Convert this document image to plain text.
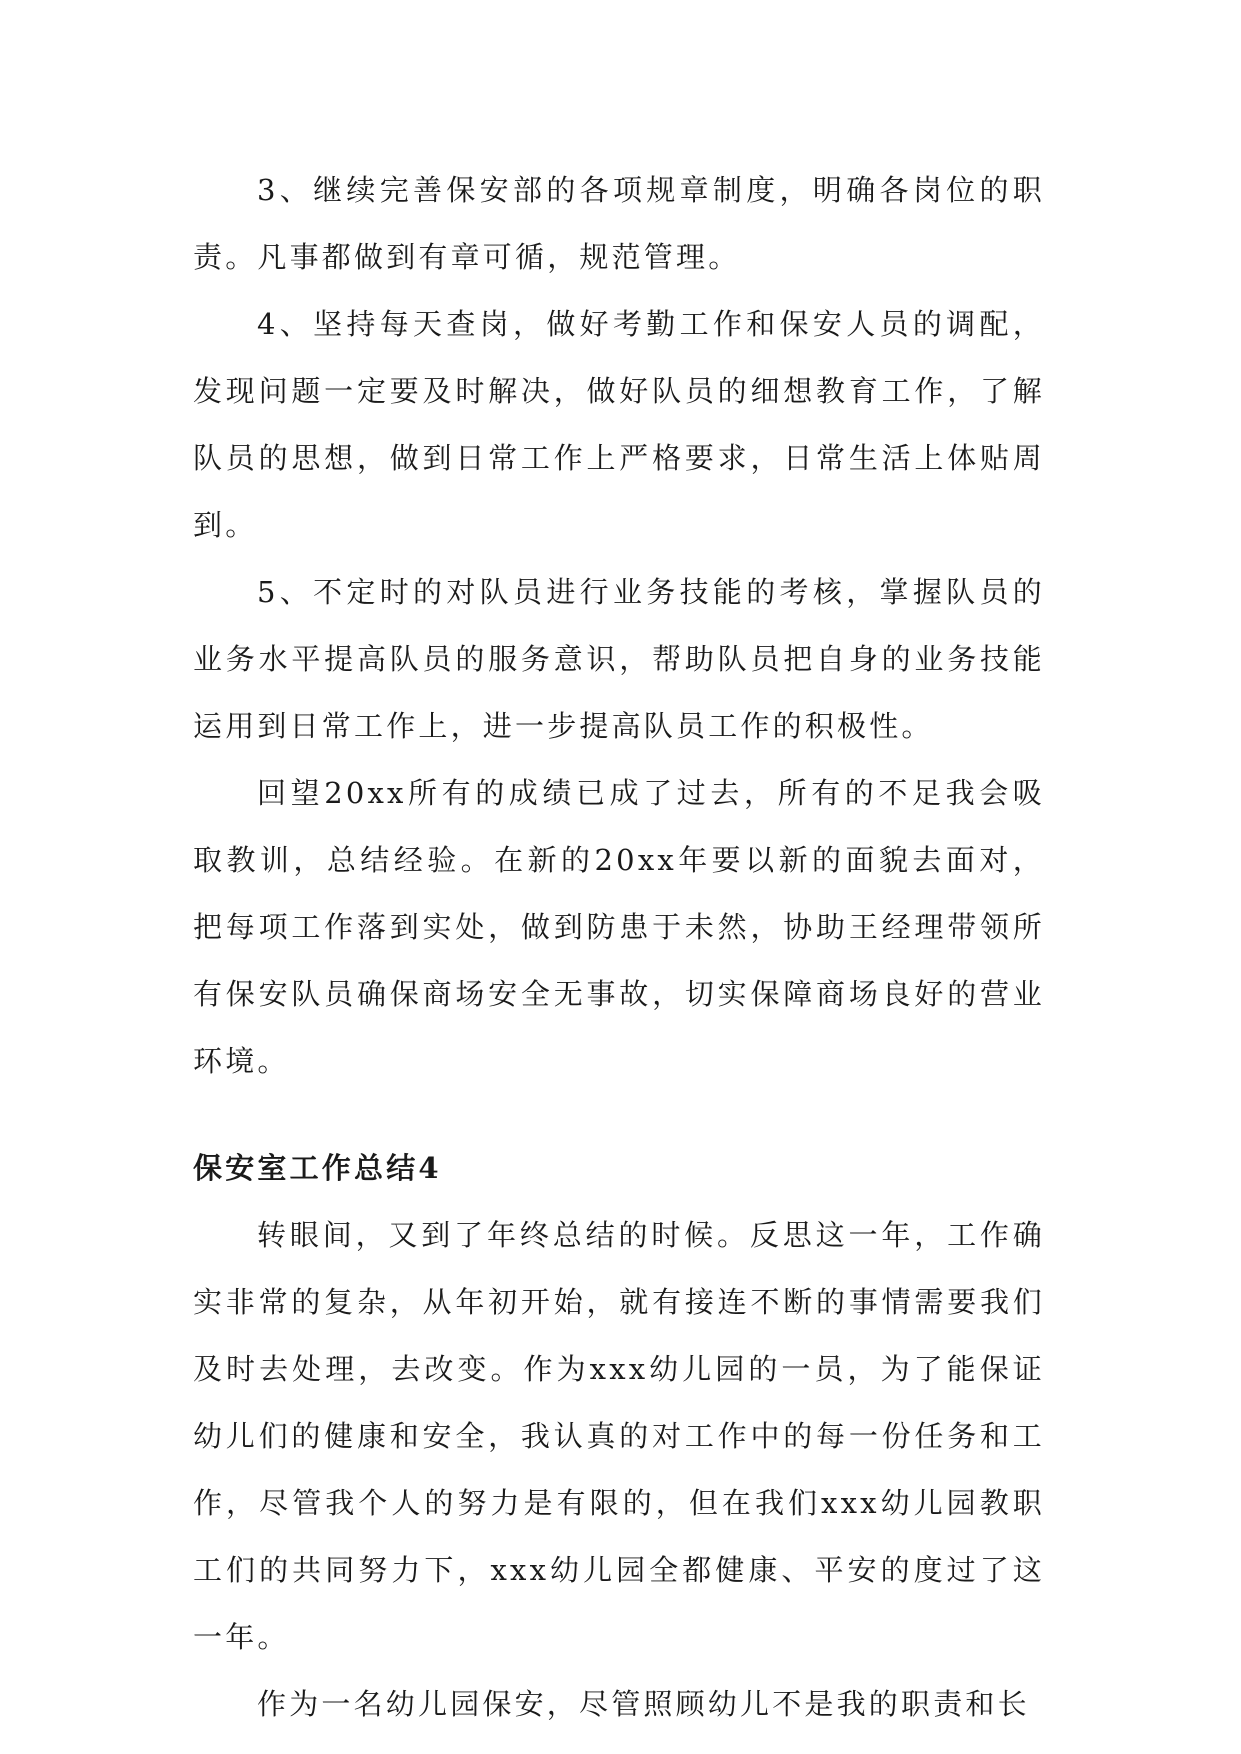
3、继续完善保安部的各项规章制度，明确各岗位的职责。凡事都做到有章可循，规范管理。

4、坚持每天查岗，做好考勤工作和保安人员的调配，发现问题一定要及时解决，做好队员的细想教育工作，了解队员的思想，做到日常工作上严格要求，日常生活上体贴周到。

5、不定时的对队员进行业务技能的考核，掌握队员的业务水平提高队员的服务意识，帮助队员把自身的业务技能运用到日常工作上，进一步提高队员工作的积极性。

回望20xx所有的成绩已成了过去，所有的不足我会吸取教训，总结经验。在新的20xx年要以新的面貌去面对，把每项工作落到实处，做到防患于未然，协助王经理带领所有保安队员确保商场安全无事故，切实保障商场良好的营业环境。

保安室工作总结4

转眼间，又到了年终总结的时候。反思这一年，工作确实非常的复杂，从年初开始，就有接连不断的事情需要我们及时去处理，去改变。作为xxx幼儿园的一员，为了能保证幼儿们的健康和安全，我认真的对工作中的每一份任务和工作，尽管我个人的努力是有限的，但在我们xxx幼儿园教职工们的共同努力下，xxx幼儿园全都健康、平安的度过了这一年。

作为一名幼儿园保安，尽管照顾幼儿不是我的职责和长
